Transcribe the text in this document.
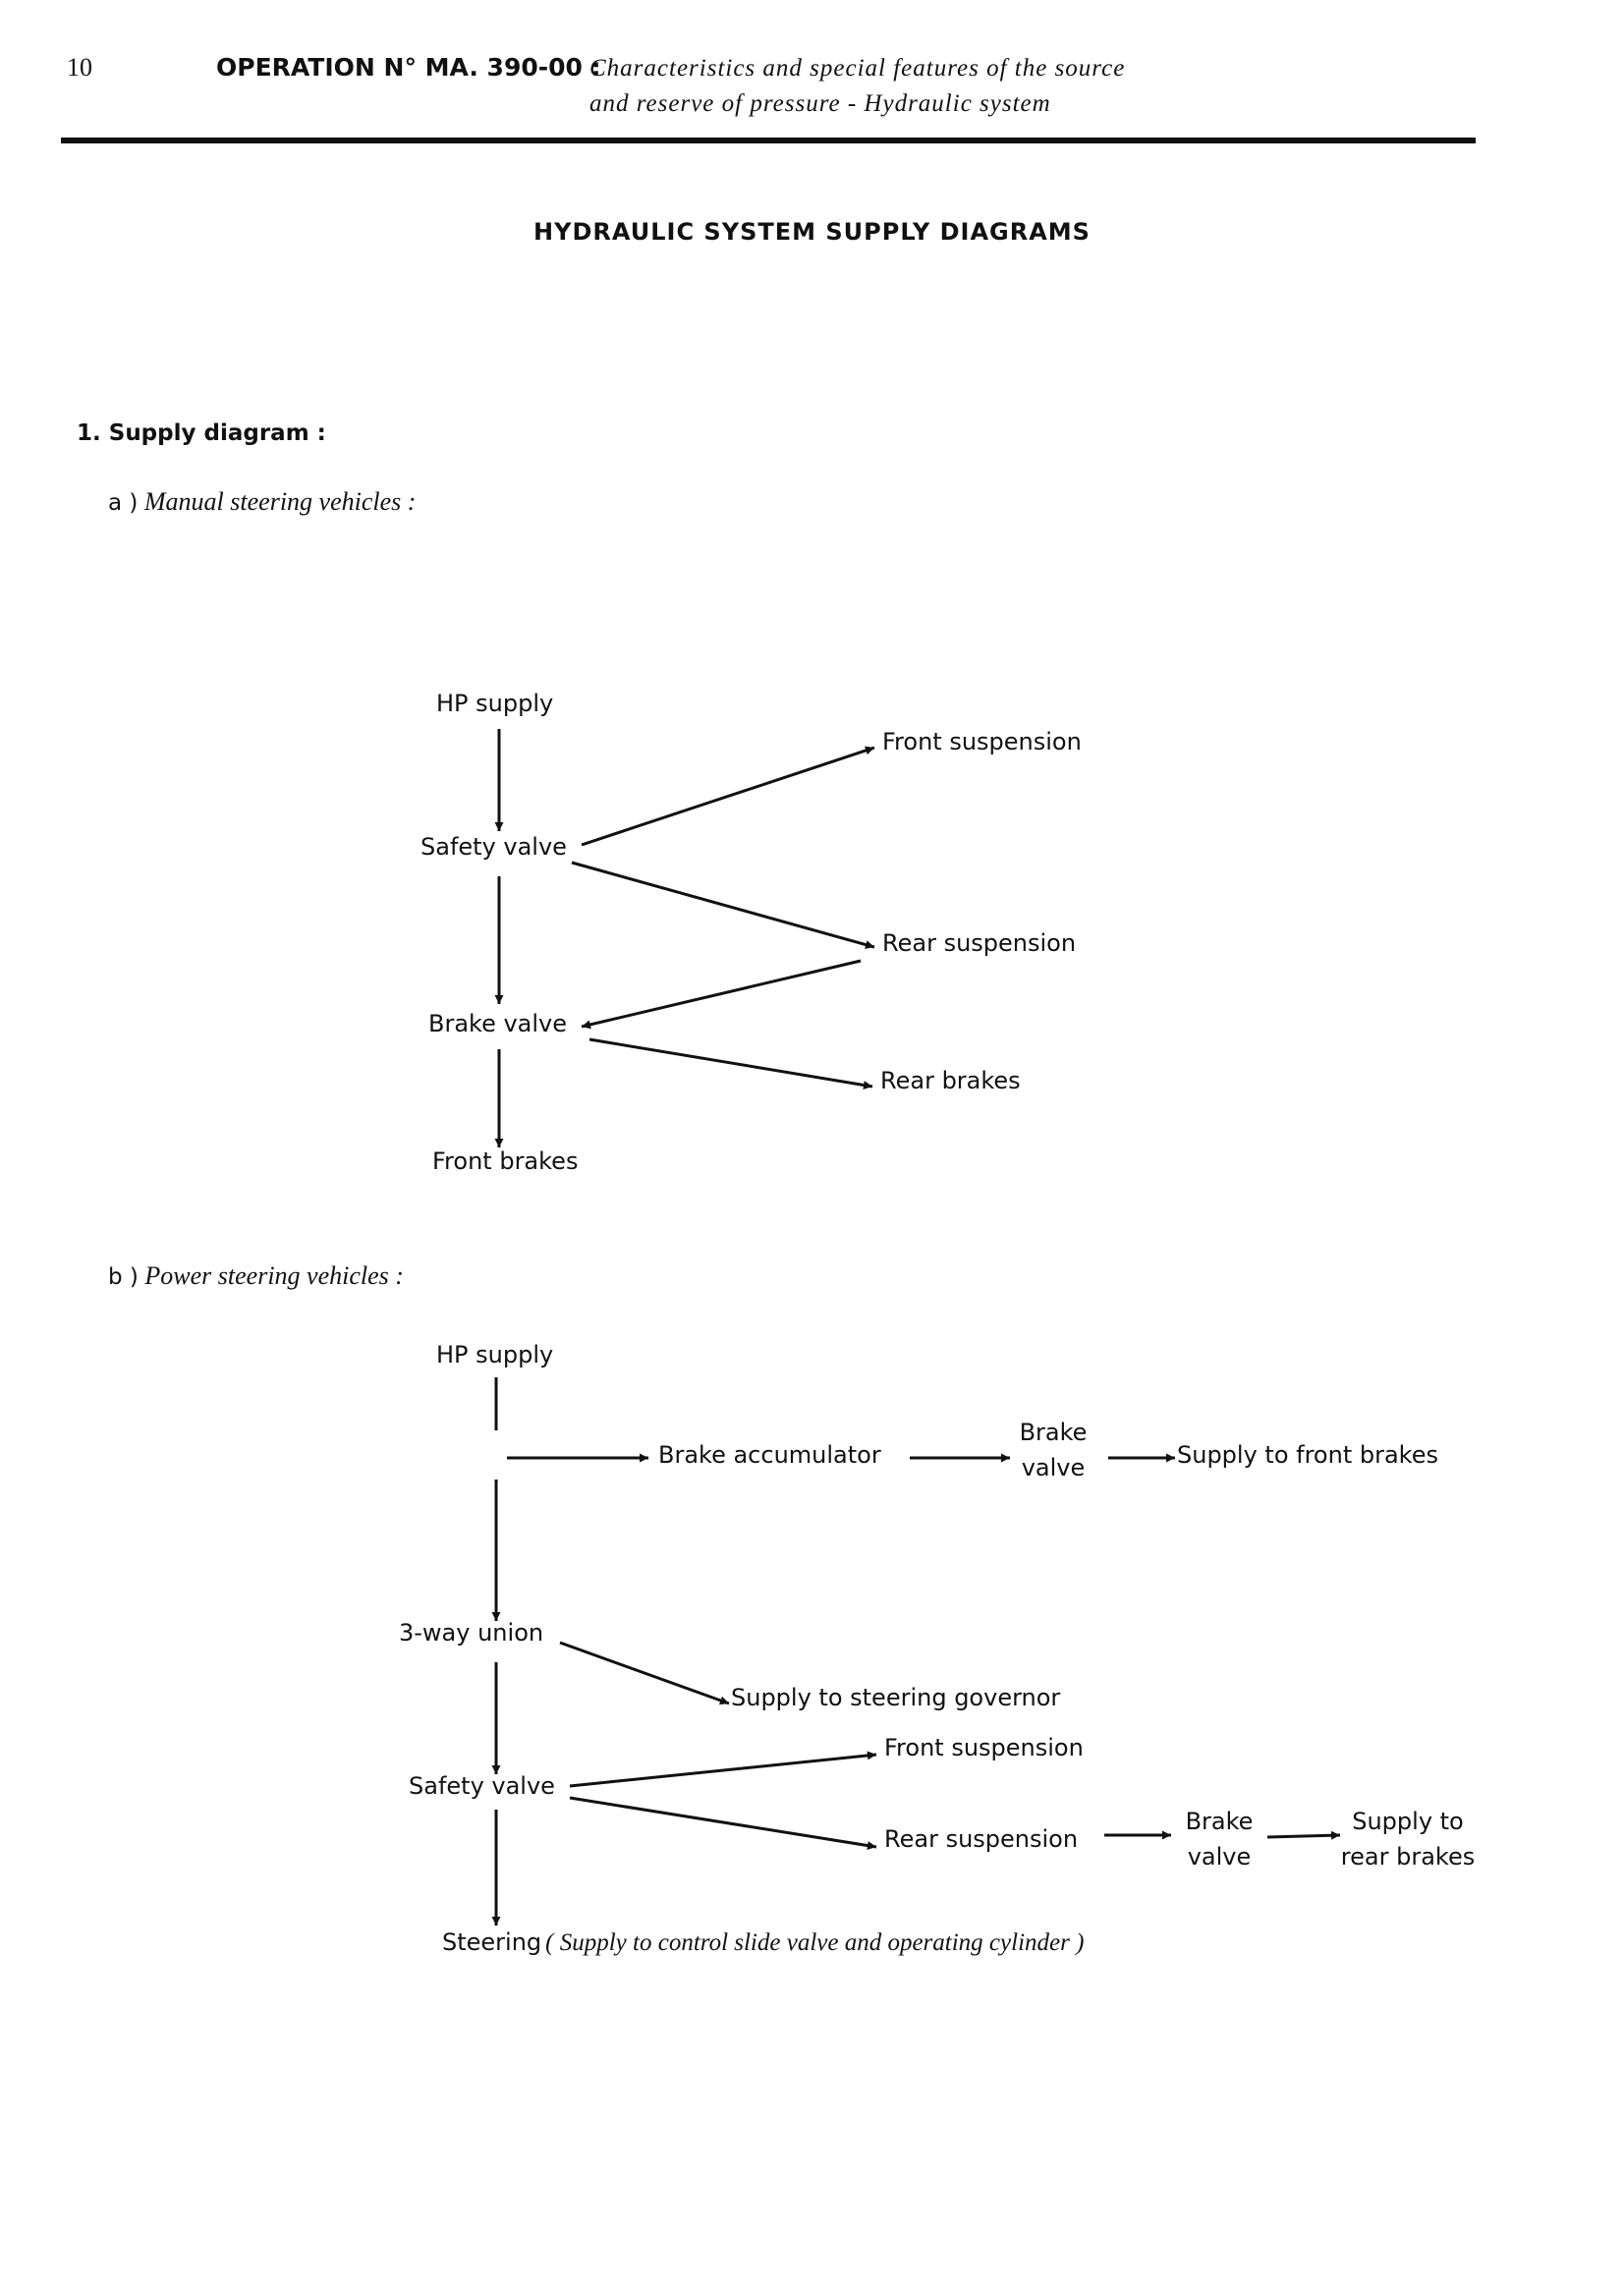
10	OPERATION N° MA. 390-00 :
Characteristics and special features of the source
and reserve of pressure - Hydraulic system
HYDRAULIC SYSTEM SUPPLY DIAGRAMS
1. Supply diagram :
a ) Manual steering vehicles :
b ) Power steering vehicles :
HP supply
Front suspension
Safety valve
Rear suspension
Brake valve
Rear brakes
Front brakes
HP supply
Brake accumulator
Brake
valve	Supply to front brakes
3-way union
Supply to steering governor
Front suspension
Safety valve
Rear suspension
Brake
valve
Supply to
rear brakes
Steering ( Supply to control slide valve and operating cylinder )
